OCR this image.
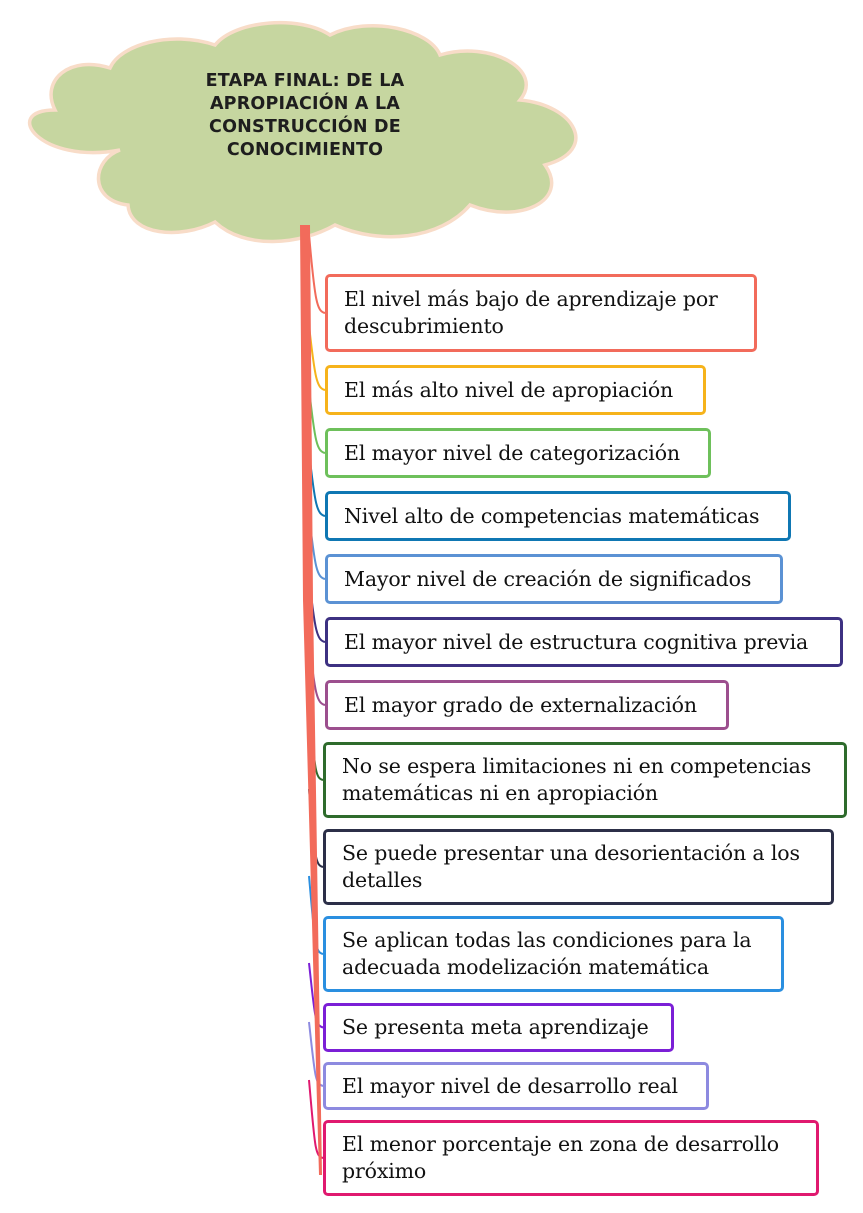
ETAPA FINAL: DE LA
APROPIACIÓN A LA
CONSTRUCCIÓN DE
CONOCIMIENTO
El nivel más bajo de aprendizaje por descubrimiento
El más alto nivel de apropiación
El mayor nivel de categorización
Nivel alto de competencias matemáticas
Mayor nivel de creación de significados
El mayor nivel de estructura cognitiva previa
El mayor grado de externalización
No se espera limitaciones ni en competencias matemáticas ni en apropiación
Se puede presentar una desorientación a los detalles
Se aplican todas las condiciones para la adecuada modelización matemática
Se presenta meta aprendizaje
El mayor nivel de desarrollo real
El menor porcentaje en zona de desarrollo próximo
